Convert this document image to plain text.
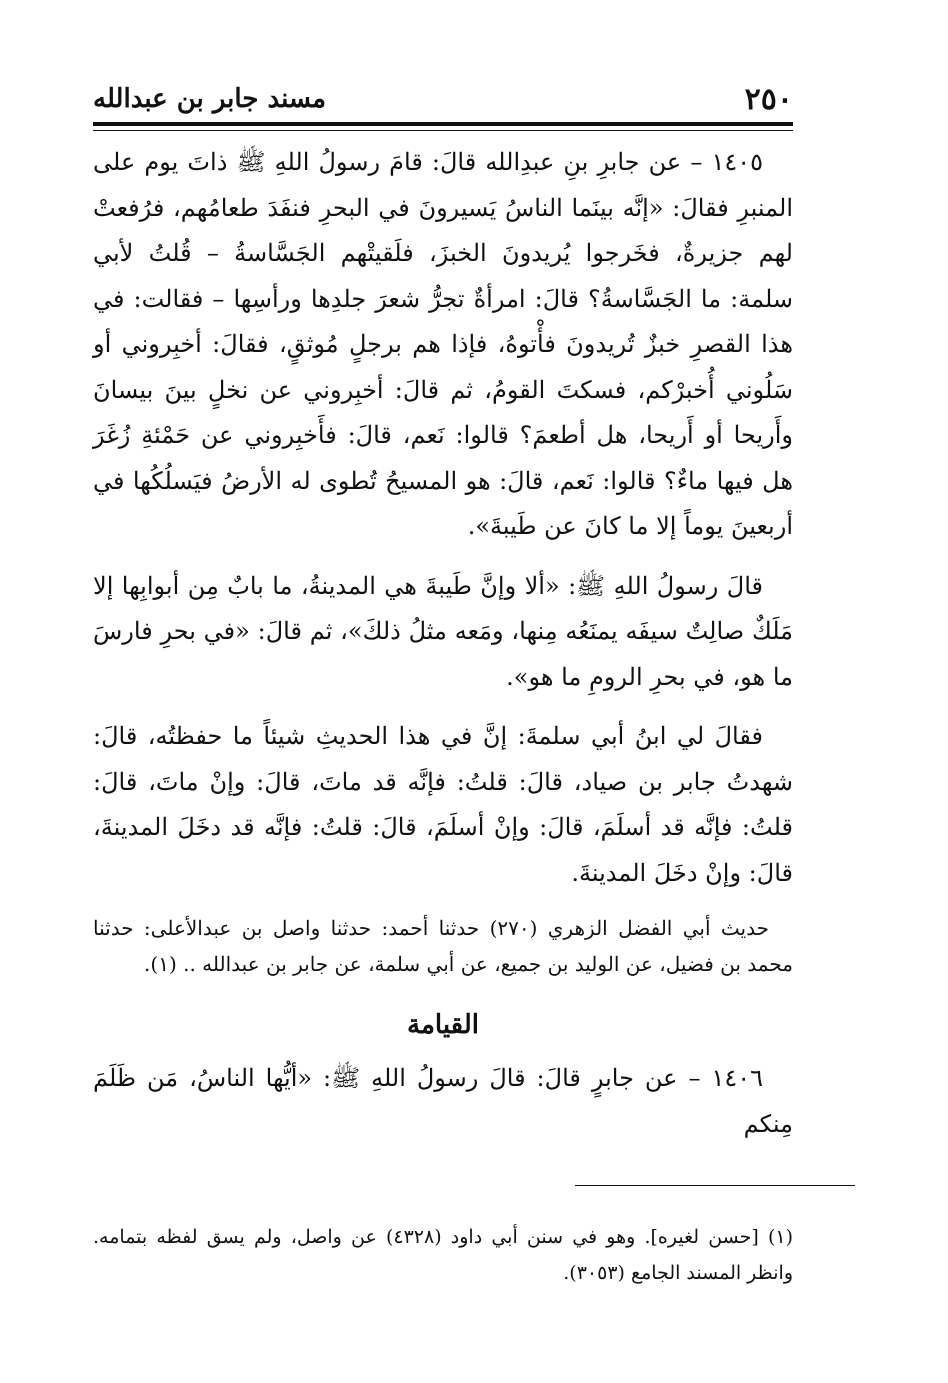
٢٥٠
مسند جابر بن عبدالله

١٤٠٥ – عن جابرِ بنِ عبدِالله قالَ: قامَ رسولُ اللهِ ﷺ ذاتَ يوم على المنبرِ فقالَ: «إنَّه بينَما الناسُ يَسيرونَ في البحرِ فنفَدَ طعامُهم، فرُفعتْ لهم جزيرةٌ، فخَرجوا يُريدونَ الخبزَ، فلَقيتْهم الجَسَّاسةُ – قُلتُ لأبي سلمة: ما الجَسَّاسةُ؟ قالَ: امرأةٌ تجرُّ شعرَ جلدِها ورأسِها – فقالت: في هذا القصرِ خبزٌ تُريدونَ فأْتوهُ، فإذا هم برجلٍ مُوثقٍ، فقالَ: أخبِروني أو سَلُوني أُخبرْكم، فسكتَ القومُ، ثم قالَ: أخبِروني عن نخلٍ بينَ بيسانَ وأَريحا أو أَريحا، هل أطعمَ؟ قالوا: نَعم، قالَ: فأَخبِروني عن حَمْئةِ زُغَرَ هل فيها ماءٌ؟ قالوا: نَعم، قالَ: هو المسيحُ تُطوى له الأرضُ فيَسلُكُها في أربعينَ يوماً إلا ما كانَ عن طَيبةَ».

قالَ رسولُ اللهِ ﷺ: «ألا وإنَّ طَيبةَ هي المدينةُ، ما بابٌ مِن أبوابِها إلا مَلَكٌ صالِتٌ سيفَه يمنَعُه مِنها، ومَعه مثلُ ذلكَ»، ثم قالَ: «في بحرِ فارسَ ما هو، في بحرِ الرومِ ما هو».

فقالَ لي ابنُ أبي سلمةَ: إنَّ في هذا الحديثِ شيئاً ما حفظتُه، قالَ: شهدتُ جابر بن صياد، قالَ: قلتُ: فإنَّه قد ماتَ، قالَ: وإنْ ماتَ، قالَ: قلتُ: فإنَّه قد أسلَمَ، قالَ: وإنْ أسلَمَ، قالَ: قلتُ: فإنَّه قد دخَلَ المدينةَ، قالَ: وإنْ دخَلَ المدينةَ.

حديث أبي الفضل الزهري (٢٧٠) حدثنا أحمد: حدثنا واصل بن عبدالأعلى: حدثنا محمد بن فضيل، عن الوليد بن جميع، عن أبي سلمة، عن جابر بن عبدالله .. (١).

القيامة

١٤٠٦ – عن جابرٍ قالَ: قالَ رسولُ اللهِ ﷺ: «أيُّها الناسُ، مَن ظَلَمَ مِنكم

(١) [حسن لغيره]. وهو في سنن أبي داود (٤٣٢٨) عن واصل، ولم يسق لفظه بتمامه. وانظر المسند الجامع (٣٠٥٣).
